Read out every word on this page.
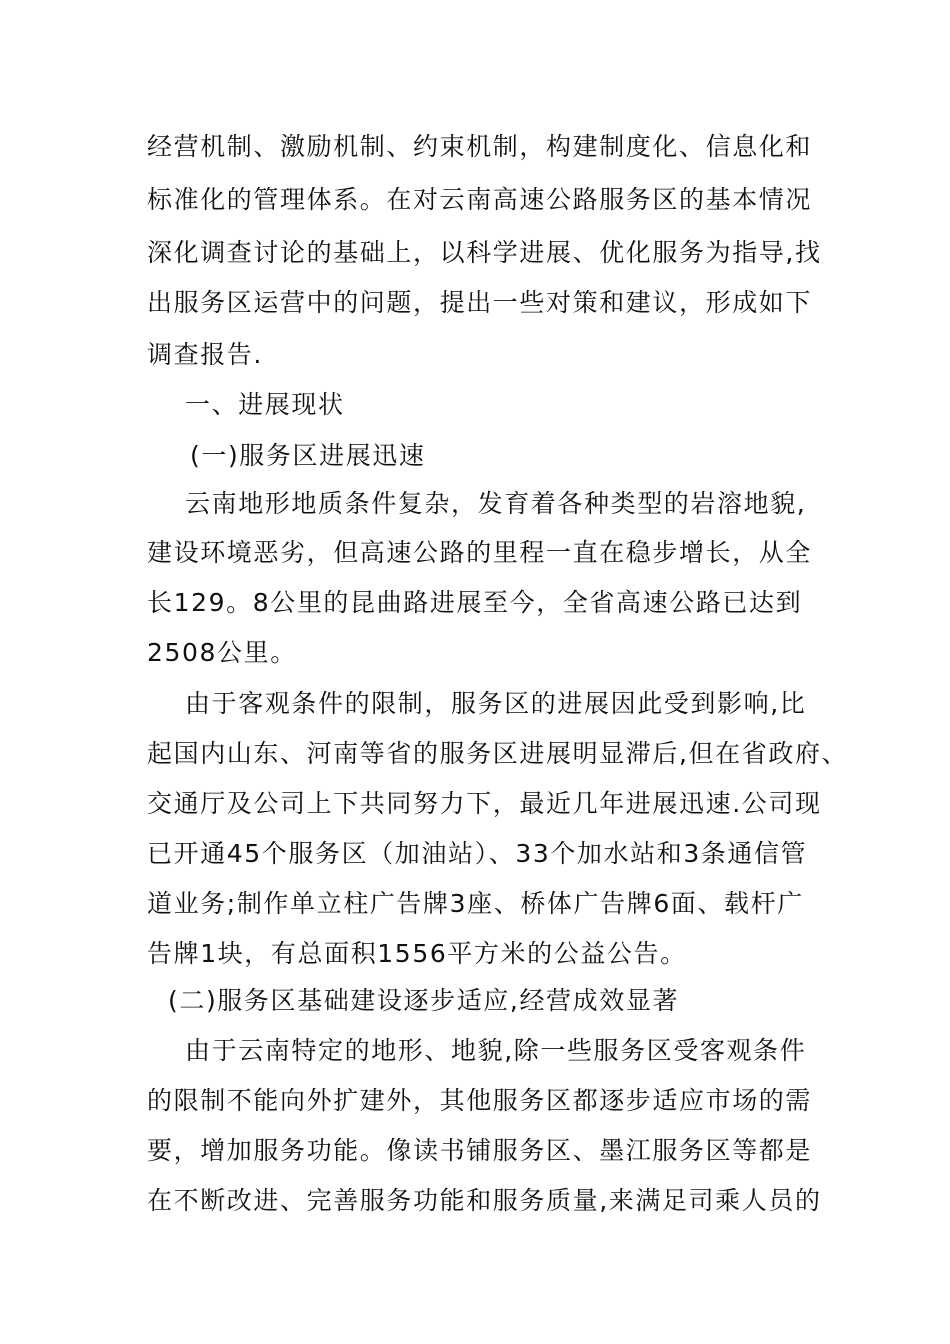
经营机制、激励机制、约束机制，构建制度化、信息化和
标准化的管理体系。在对云南高速公路服务区的基本情况
深化调查讨论的基础上，以科学进展、优化服务为指导,找
出服务区运营中的问题，提出一些对策和建议，形成如下
调查报告.
一、进展现状
(一)服务区进展迅速
云南地形地质条件复杂，发育着各种类型的岩溶地貌,
建设环境恶劣，但高速公路的里程一直在稳步增长，从全
长129。8公里的昆曲路进展至今，全省高速公路已达到
2508公里。
由于客观条件的限制，服务区的进展因此受到影响,比
起国内山东、河南等省的服务区进展明显滞后,但在省政府、
交通厅及公司上下共同努力下，最近几年进展迅速.公司现
已开通45个服务区（加油站）、33个加水站和3条通信管
道业务;制作单立柱广告牌3座、桥体广告牌6面、载杆广
告牌1块，有总面积1556平方米的公益公告。
(二)服务区基础建设逐步适应,经营成效显著
由于云南特定的地形、地貌,除一些服务区受客观条件
的限制不能向外扩建外，其他服务区都逐步适应市场的需
要，增加服务功能。像读书铺服务区、墨江服务区等都是
在不断改进、完善服务功能和服务质量,来满足司乘人员的
